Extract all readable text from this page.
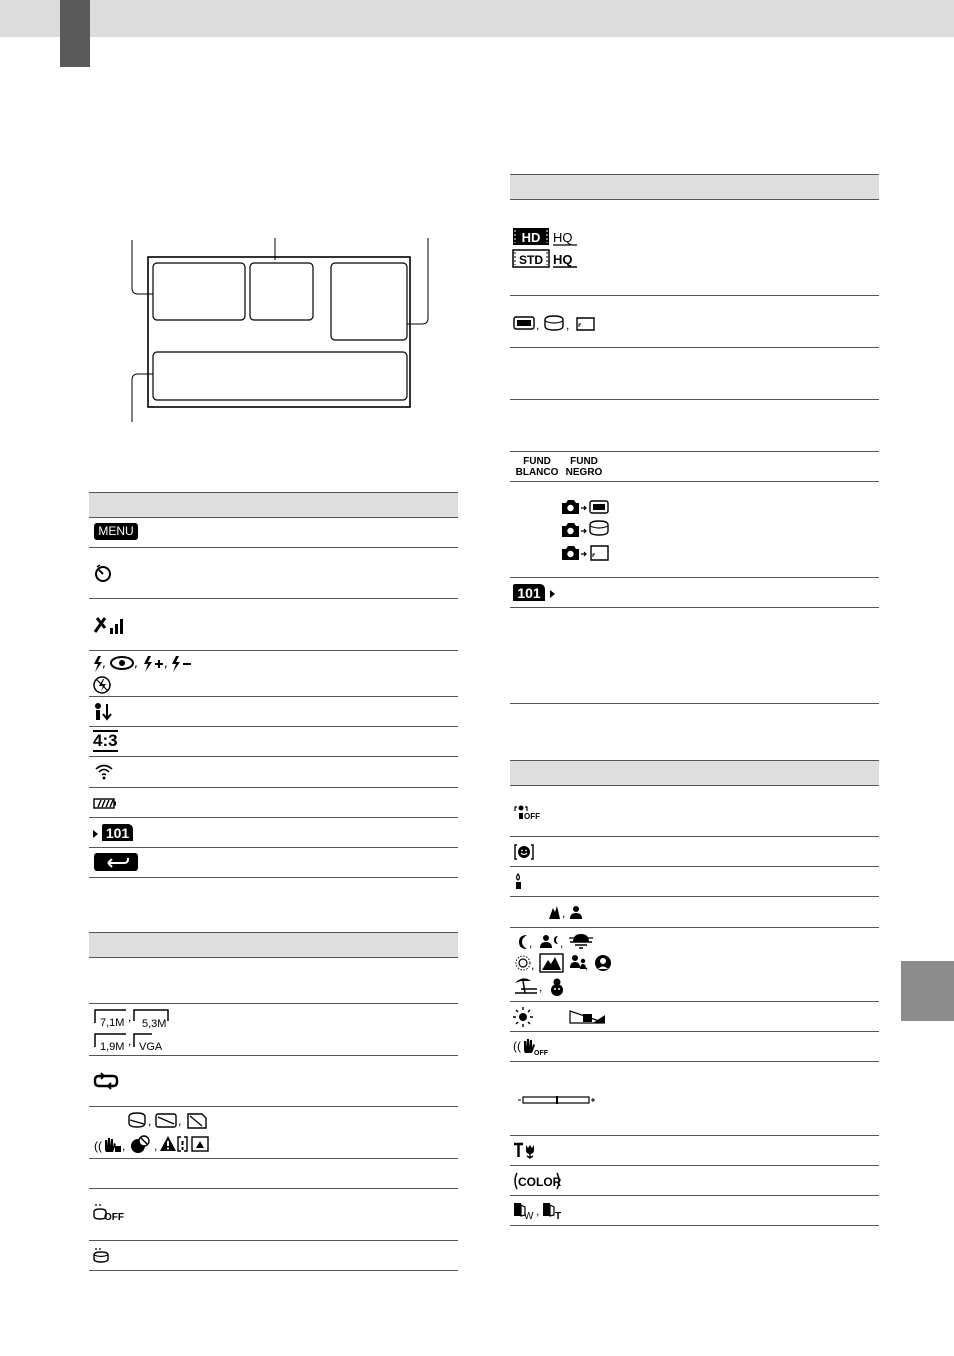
MENU
, , ,
4:3
101
7,1M , 5,3M
1,9M , VGA
, ,
(( , ,
OFF
HD HQ
STD HQ
, ,
FUND
BLANCO
FUND
NEGRO
101
OFF
,
, ,
,	,
,
((
OFF
COLOR
W , T
